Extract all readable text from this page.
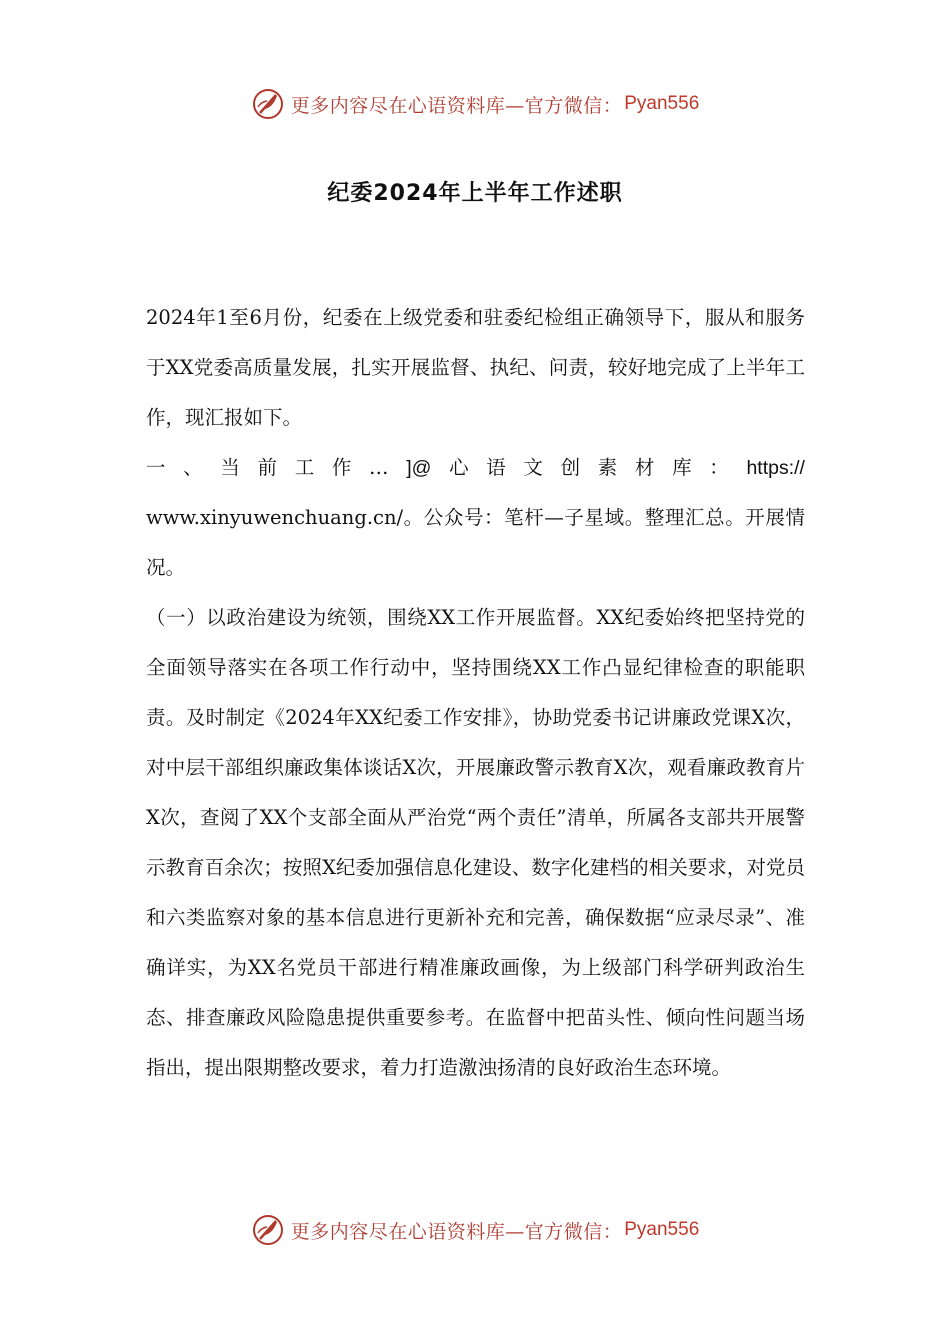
更多内容尽在心语资料库—官方微信： Pyan556
纪委2024年上半年工作述职

2024年1至6月份，纪委在上级党委和驻委纪检组正确领导下，服从和服务于XX党委高质量发展，扎实开展监督、执纪、问责，较好地完成了上半年工作，现汇报如下。

一 、 当 前 工 作 … ]@ 心 语 文 创 素 材 库 ： https://

www.xinyuwenchuang.cn/。公众号：笔杆—子星域。整理汇总。开展情况。

（一）以政治建设为统领，围绕XX工作开展监督。XX纪委始终把坚持党的全面领导落实在各项工作行动中，坚持围绕XX工作凸显纪律检查的职能职责。及时制定《2024年XX纪委工作安排》，协助党委书记讲廉政党课X次，对中层干部组织廉政集体谈话X次，开展廉政警示教育X次，观看廉政教育片X次，查阅了XX个支部全面从严治党“两个责任”清单，所属各支部共开展警示教育百余次；按照X纪委加强信息化建设、数字化建档的相关要求，对党员和六类监察对象的基本信息进行更新补充和完善，确保数据“应录尽录”、准确详实，为XX名党员干部进行精准廉政画像，为上级部门科学研判政治生态、排查廉政风险隐患提供重要参考。在监督中把苗头性、倾向性问题当场指出，提出限期整改要求，着力打造激浊扬清的良好政治生态环境。

更多内容尽在心语资料库—官方微信： Pyan556
